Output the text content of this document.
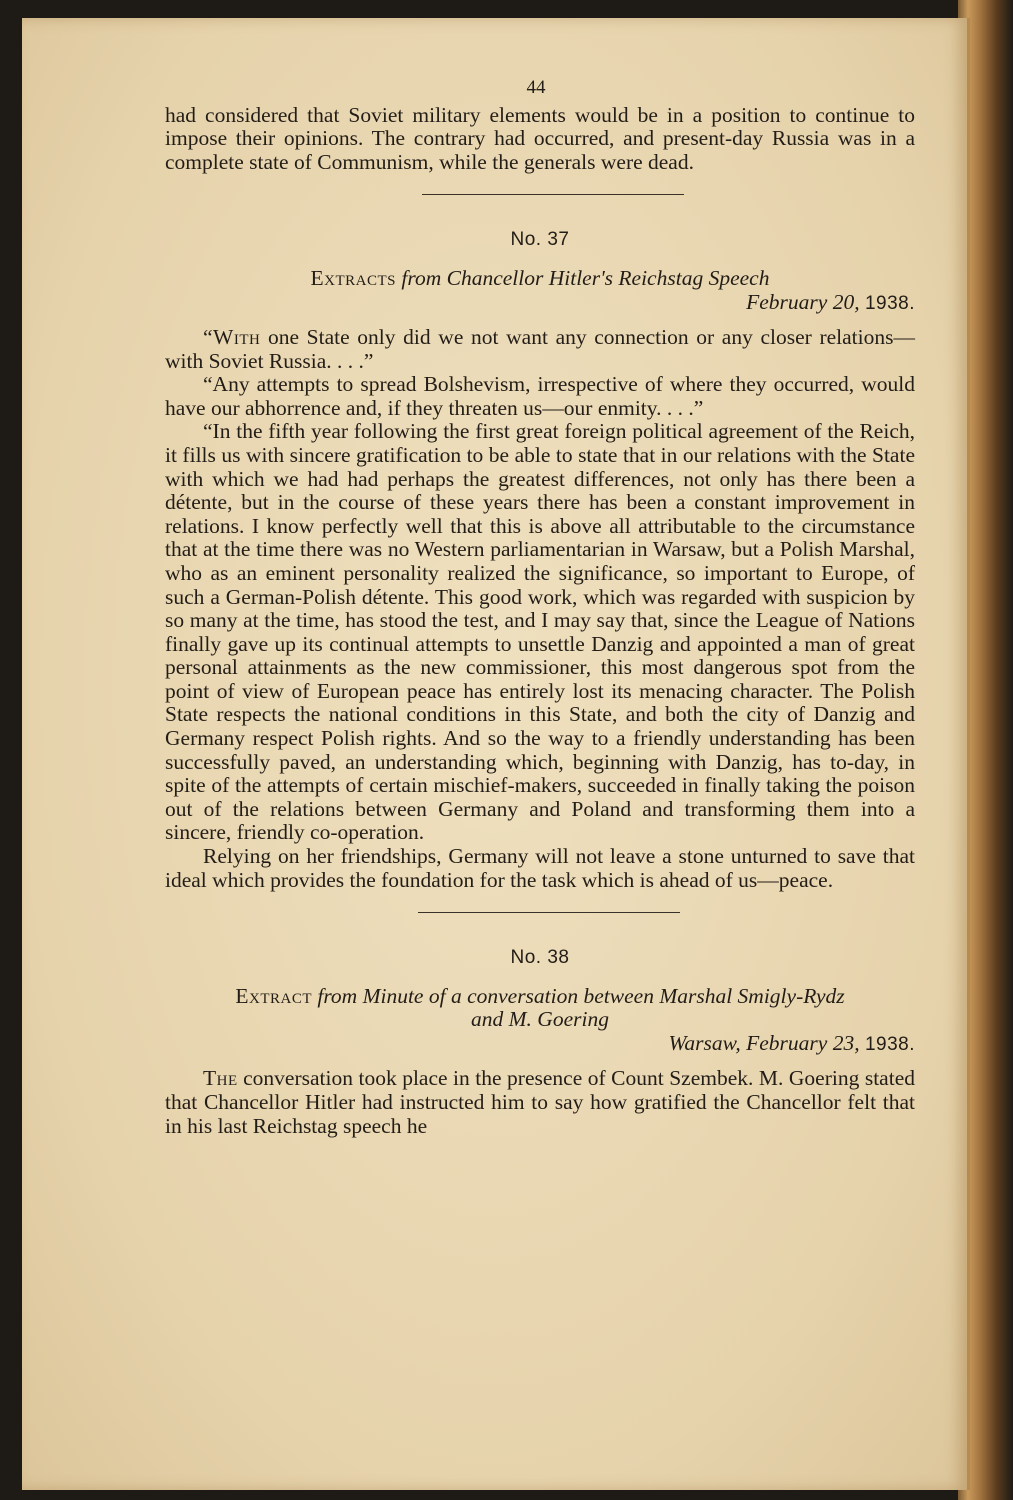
44

had considered that Soviet military elements would be in a position to continue to impose their opinions. The contrary had occurred, and present-day Russia was in a complete state of Communism, while the generals were dead.

No. 37
Extracts from Chancellor Hitler's Reichstag Speech
February 20, 1938.

“With one State only did we not want any connection or any closer relations—with Soviet Russia. . . .”

“Any attempts to spread Bolshevism, irrespective of where they occurred, would have our abhorrence and, if they threaten us—our enmity. . . .”

“In the fifth year following the first great foreign political agreement of the Reich, it fills us with sincere gratification to be able to state that in our relations with the State with which we had had perhaps the greatest differences, not only has there been a détente, but in the course of these years there has been a constant improvement in relations. I know perfectly well that this is above all attributable to the circumstance that at the time there was no Western parliamentarian in Warsaw, but a Polish Marshal, who as an eminent personality realized the significance, so important to Europe, of such a German-Polish détente. This good work, which was regarded with suspicion by so many at the time, has stood the test, and I may say that, since the League of Nations finally gave up its continual attempts to unsettle Danzig and appointed a man of great personal attainments as the new commissioner, this most dangerous spot from the point of view of European peace has entirely lost its menacing character. The Polish State respects the national conditions in this State, and both the city of Danzig and Germany respect Polish rights. And so the way to a friendly understanding has been successfully paved, an understanding which, beginning with Danzig, has to-day, in spite of the attempts of certain mischief-makers, succeeded in finally taking the poison out of the relations between Germany and Poland and transforming them into a sincere, friendly co-operation.

Relying on her friendships, Germany will not leave a stone unturned to save that ideal which provides the foundation for the task which is ahead of us—peace.

No. 38
Extract from Minute of a conversation between Marshal Smigly-Rydz
and M. Goering
Warsaw, February 23, 1938.

The conversation took place in the presence of Count Szembek. M. Goering stated that Chancellor Hitler had instructed him to say how gratified the Chancellor felt that in his last Reichstag speech he
